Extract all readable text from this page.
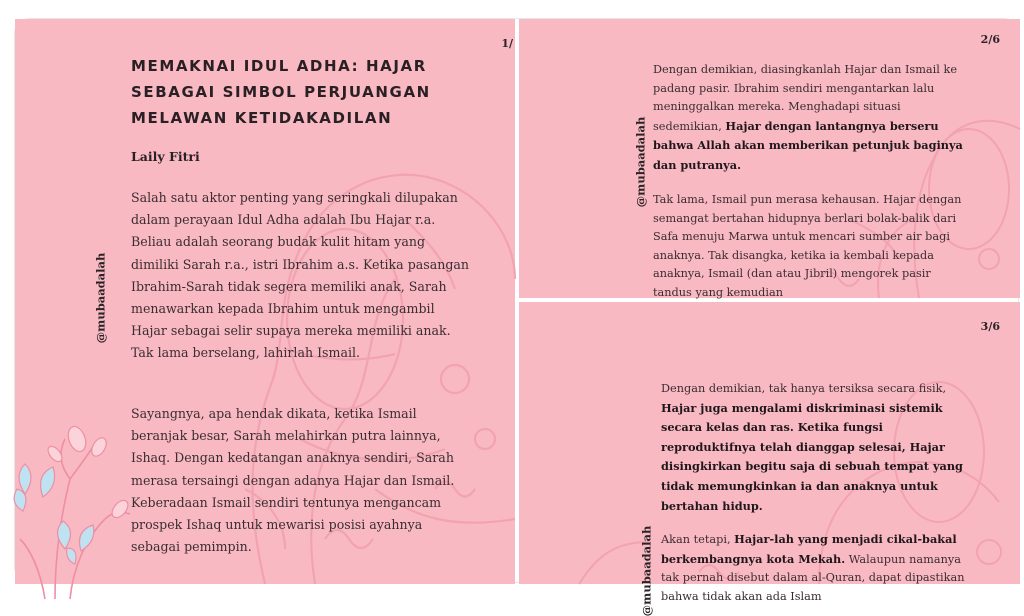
1/
@mubaadalah
MEMAKNAI IDUL ADHA: HAJAR SEBAGAI SIMBOL PERJUANGAN MELAWAN KETIDAKADILAN
Laily Fitri
Salah satu aktor penting yang seringkali dilupakan dalam perayaan Idul Adha adalah Ibu Hajar r.a. Beliau adalah seorang budak kulit hitam yang dimiliki Sarah r.a., istri Ibrahim a.s. Ketika pasangan Ibrahim-Sarah tidak segera memiliki anak, Sarah menawarkan kepada Ibrahim untuk mengambil Hajar sebagai selir supaya mereka memiliki anak. Tak lama berselang, lahirlah Ismail.
Sayangnya, apa hendak dikata, ketika Ismail beranjak besar, Sarah melahirkan putra lainnya, Ishaq. Dengan kedatangan anaknya sendiri, Sarah merasa tersaingi dengan adanya Hajar dan Ismail. Keberadaan Ismail sendiri tentunya mengancam prospek Ishaq untuk mewarisi posisi ayahnya sebagai pemimpin.
2/6
@mubaadalah
Dengan demikian, diasingkanlah Hajar dan Ismail ke padang pasir. Ibrahim sendiri mengantarkan lalu meninggalkan mereka. Menghadapi situasi sedemikian, Hajar dengan lantangnya berseru bahwa Allah akan memberikan petunjuk baginya dan putranya.
Tak lama, Ismail pun merasa kehausan. Hajar dengan semangat bertahan hidupnya berlari bolak-balik dari Safa menuju Marwa untuk mencari sumber air bagi anaknya. Tak disangka, ketika ia kembali kepada anaknya, Ismail (dan atau Jibril) mengorek pasir tandus yang kemudian
3/6
@mubaadalah
Dengan demikian, tak hanya tersiksa secara fisik, Hajar juga mengalami diskriminasi sistemik secara kelas dan ras. Ketika fungsi reproduktifnya telah dianggap selesai, Hajar disingkirkan begitu saja di sebuah tempat yang tidak memungkinkan ia dan anaknya untuk bertahan hidup.
Akan tetapi, Hajar-lah yang menjadi cikal-bakal berkembangnya kota Mekah. Walaupun namanya tak pernah disebut dalam al-Quran, dapat dipastikan bahwa tidak akan ada Islam
